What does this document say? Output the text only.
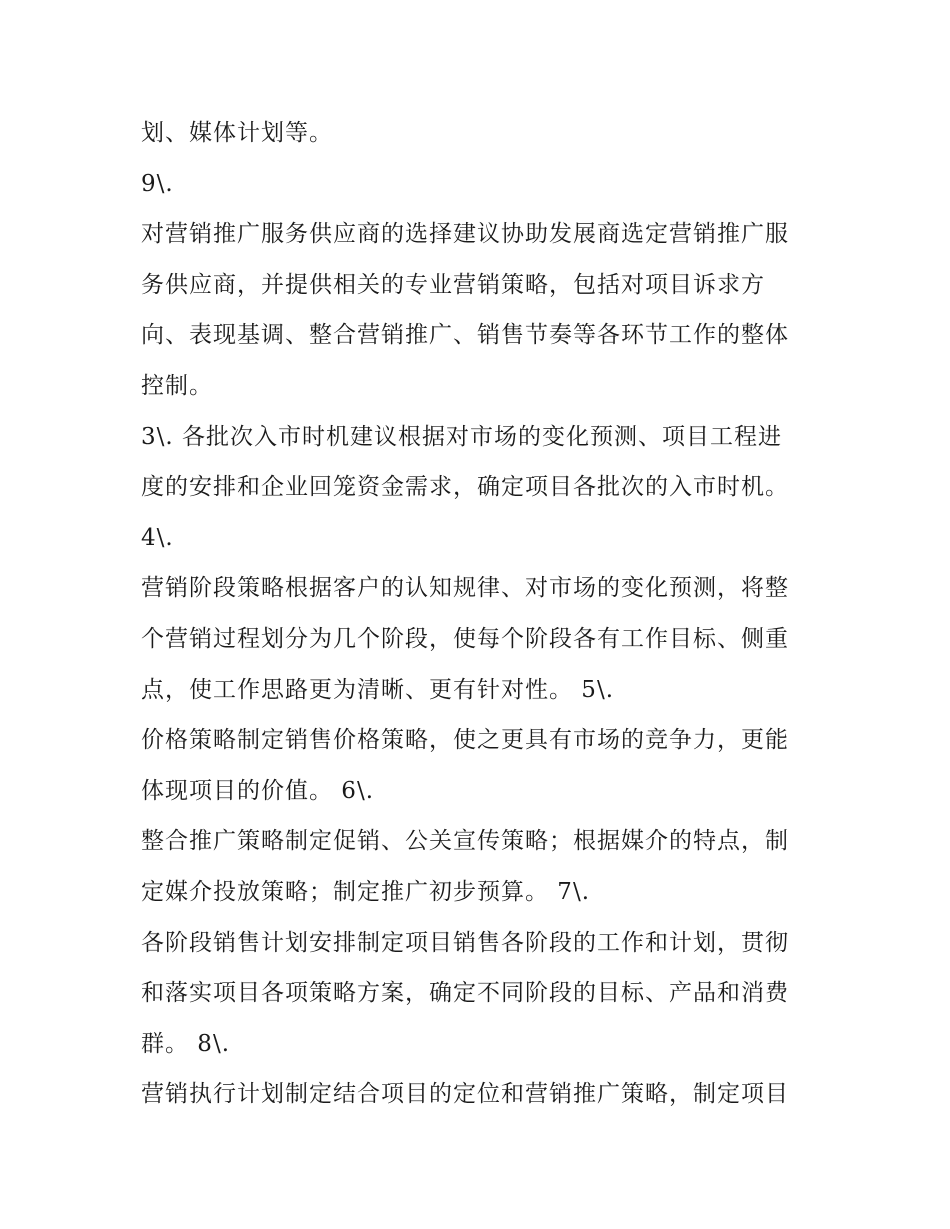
划、媒体计划等。
9\.
对营销推广服务供应商的选择建议协助发展商选定营销推广服
务供应商，并提供相关的专业营销策略，包括对项目诉求方
向、表现基调、整合营销推广、销售节奏等各环节工作的整体
控制。
3\. 各批次入市时机建议根据对市场的变化预测、项目工程进
度的安排和企业回笼资金需求，确定项目各批次的入市时机。
4\.
营销阶段策略根据客户的认知规律、对市场的变化预测，将整
个营销过程划分为几个阶段，使每个阶段各有工作目标、侧重
点，使工作思路更为清晰、更有针对性。 5\.
价格策略制定销售价格策略，使之更具有市场的竞争力，更能
体现项目的价值。 6\.
整合推广策略制定促销、公关宣传策略；根据媒介的特点，制
定媒介投放策略；制定推广初步预算。 7\.
各阶段销售计划安排制定项目销售各阶段的工作和计划，贯彻
和落实项目各项策略方案，确定不同阶段的目标、产品和消费
群。 8\.
营销执行计划制定结合项目的定位和营销推广策略，制定项目
